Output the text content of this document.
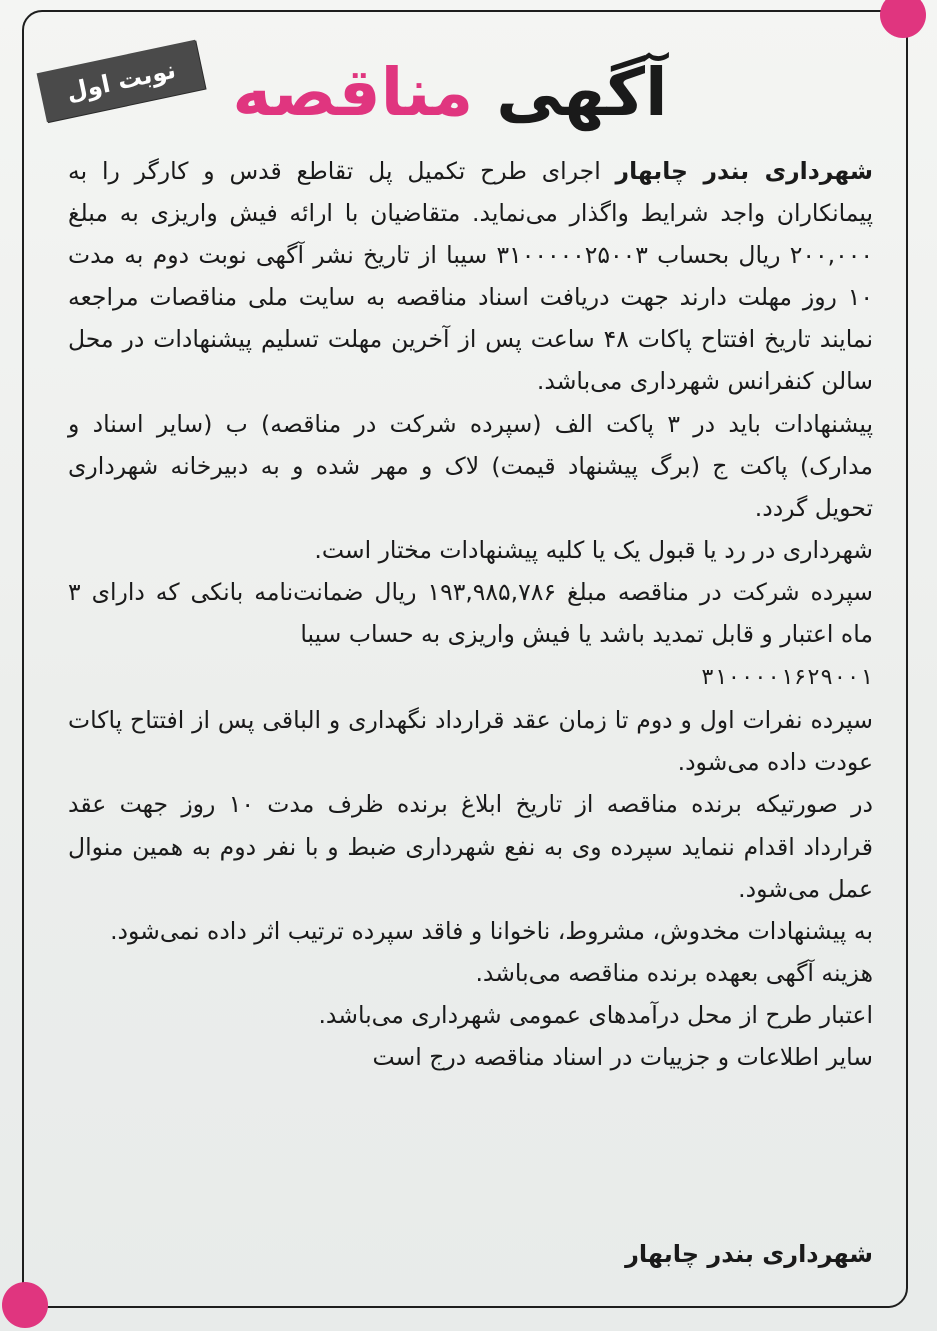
نوبت اول	آگهی مناقصه

شهرداری بندر چابهار اجرای طرح تکمیل پل تقاطع قدس و کارگر را به پیمانکاران واجد شرایط واگذار می‌نماید. متقاضیان با ارائه فیش واریزی به مبلغ ۲۰۰,۰۰۰ ریال بحساب ۳۱۰۰۰۰۰۲۵۰۰۳ سیبا از تاریخ نشر آگهی نوبت دوم به مدت ۱۰ روز مهلت دارند جهت دریافت اسناد مناقصه به سایت ملی مناقصات مراجعه نمایند تاریخ افتتاح پاکات ۴۸ ساعت پس از آخرین مهلت تسلیم پیشنهادات در محل سالن کنفرانس شهرداری می‌باشد.

پیشنهادات باید در ۳ پاکت الف (سپرده شرکت در مناقصه) ب (سایر اسناد و مدارک) پاکت ج (برگ پیشنهاد قیمت) لاک و مهر شده و به دبیرخانه شهرداری تحویل گردد.

شهرداری در رد یا قبول یک یا کلیه پیشنهادات مختار است.

سپرده شرکت در مناقصه مبلغ ۱۹۳,۹۸۵,۷۸۶ ریال ضمانت‌نامه بانکی که دارای ۳ ماه اعتبار و قابل تمدید باشد یا فیش واریزی به حساب سیبا
۳۱۰۰۰۰۱۶۲۹۰۰۱

سپرده نفرات اول و دوم تا زمان عقد قرارداد نگهداری و الباقی پس از افتتاح پاکات عودت داده می‌شود.

در صورتیکه برنده مناقصه از تاریخ ابلاغ برنده ظرف مدت ۱۰ روز جهت عقد قرارداد اقدام ننماید سپرده وی به نفع شهرداری ضبط و با نفر دوم به همین منوال عمل می‌شود.

به پیشنهادات مخدوش، مشروط، ناخوانا و فاقد سپرده ترتیب اثر داده نمی‌شود.

هزینه آگهی بعهده برنده مناقصه می‌باشد.

اعتبار طرح از محل درآمدهای عمومی شهرداری می‌باشد.

سایر اطلاعات و جزییات در اسناد مناقصه درج است

شهرداری بندر چابهار
